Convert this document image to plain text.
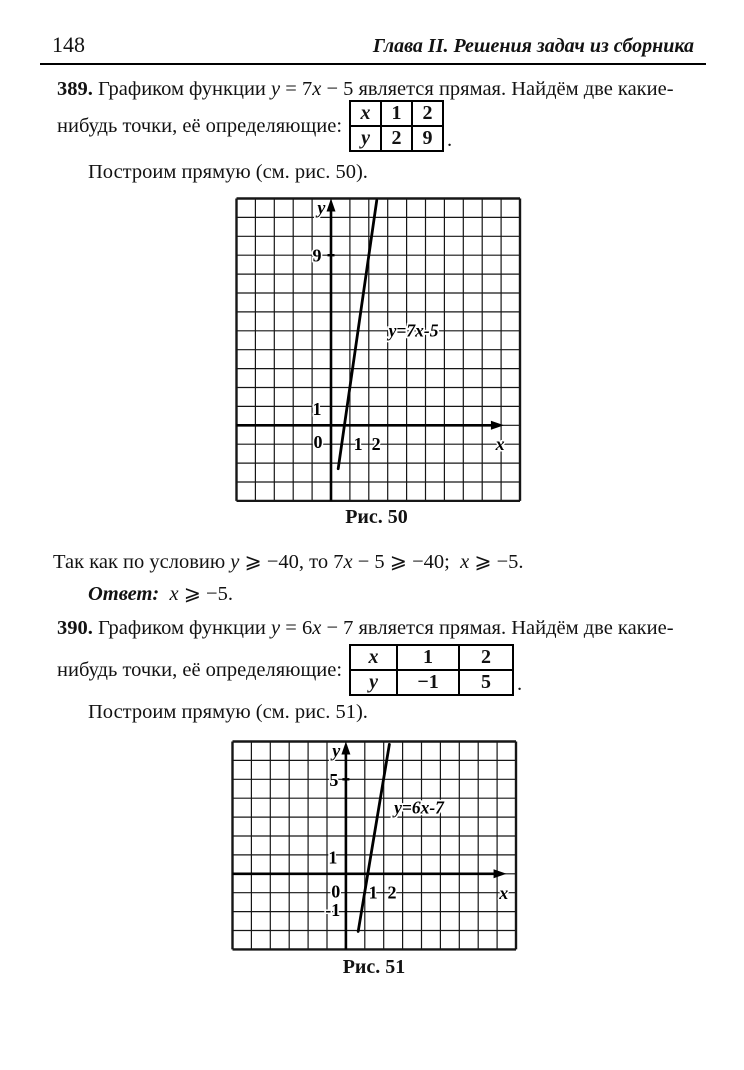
148	Глава II. Решения задач из сборника
389. Графиком функции y = 7x − 5 является прямая. Найдём две какие-
нибудь точки, её определяющие:
x	1	2
y	2	9 .
Построим прямую (см. рис. 50).
y
9
1
0 1 2	x
y=7x-5
Рис. 50
Так как по условию y ⩾ −40, то 7x − 5 ⩾ −40;  x ⩾ −5.
Ответ:  x ⩾ −5.
390. Графиком функции y = 6x − 7 является прямая. Найдём две какие-
нибудь точки, её определяющие:
x	1	2
y	−1	5 .
Построим прямую (см. рис. 51).
y
5
1
0 1 2
-1
x
y=6x-7
Рис. 51
